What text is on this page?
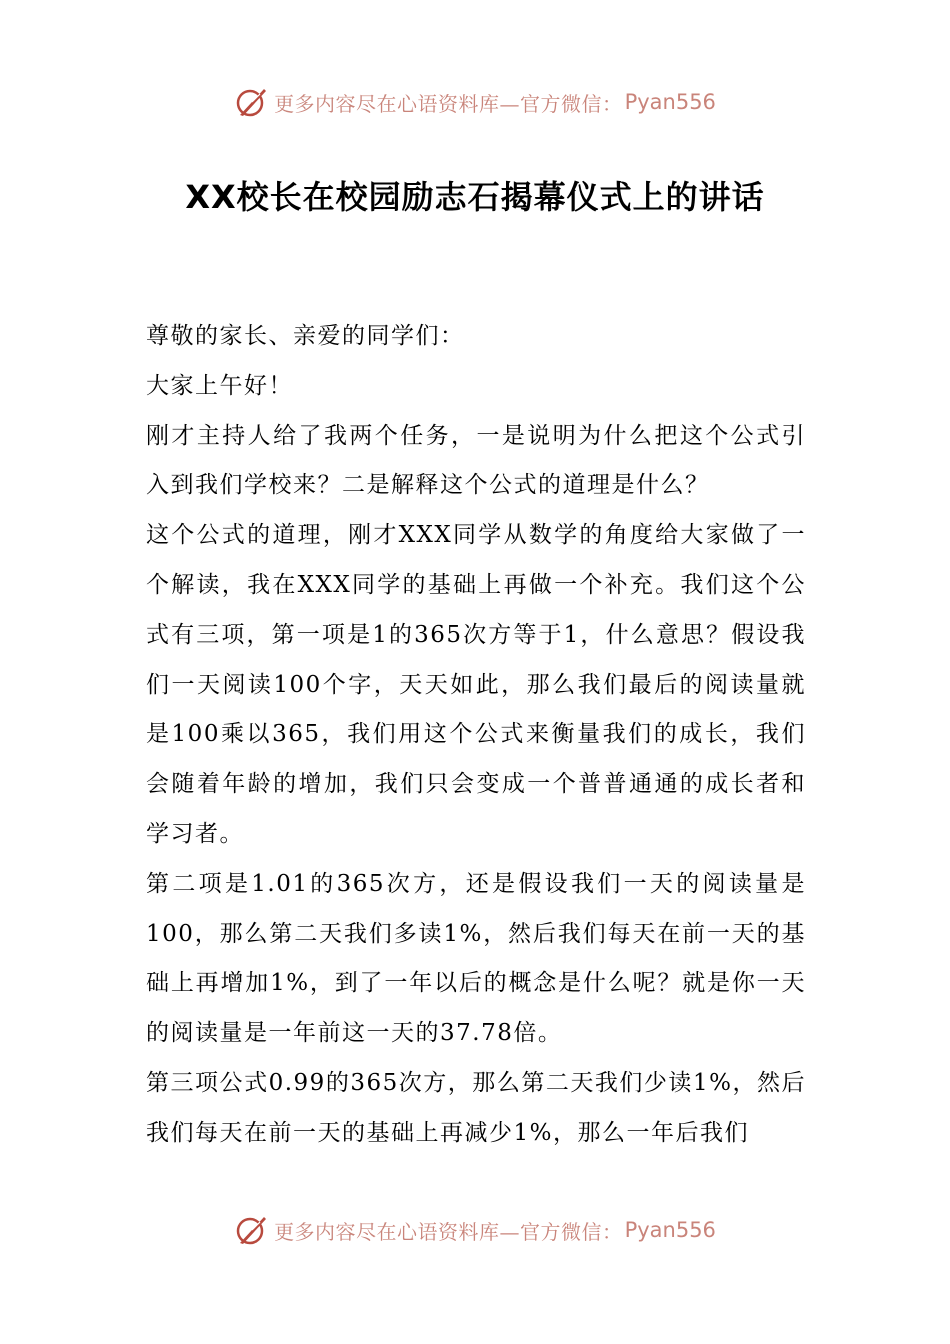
更多内容尽在心语资料库—官方微信： Pyan556
XX校长在校园励志石揭幕仪式上的讲话

尊敬的家长、亲爱的同学们：

大家上午好！

刚才主持人给了我两个任务，一是说明为什么把这个公式引入到我们学校来？二是解释这个公式的道理是什么？

这个公式的道理，刚才XXX同学从数学的角度给大家做了一个解读，我在XXX同学的基础上再做一个补充。我们这个公式有三项，第一项是1的365次方等于1，什么意思？假设我们一天阅读100个字，天天如此，那么我们最后的阅读量就是100乘以365，我们用这个公式来衡量我们的成长，我们会随着年龄的增加，我们只会变成一个普普通通的成长者和学习者。

第二项是1.01的365次方，还是假设我们一天的阅读量是100，那么第二天我们多读1%，然后我们每天在前一天的基础上再增加1%，到了一年以后的概念是什么呢？就是你一天的阅读量是一年前这一天的37.78倍。

第三项公式0.99的365次方，那么第二天我们少读1%，然后我们每天在前一天的基础上再减少1%，那么一年后我们

更多内容尽在心语资料库—官方微信： Pyan556
